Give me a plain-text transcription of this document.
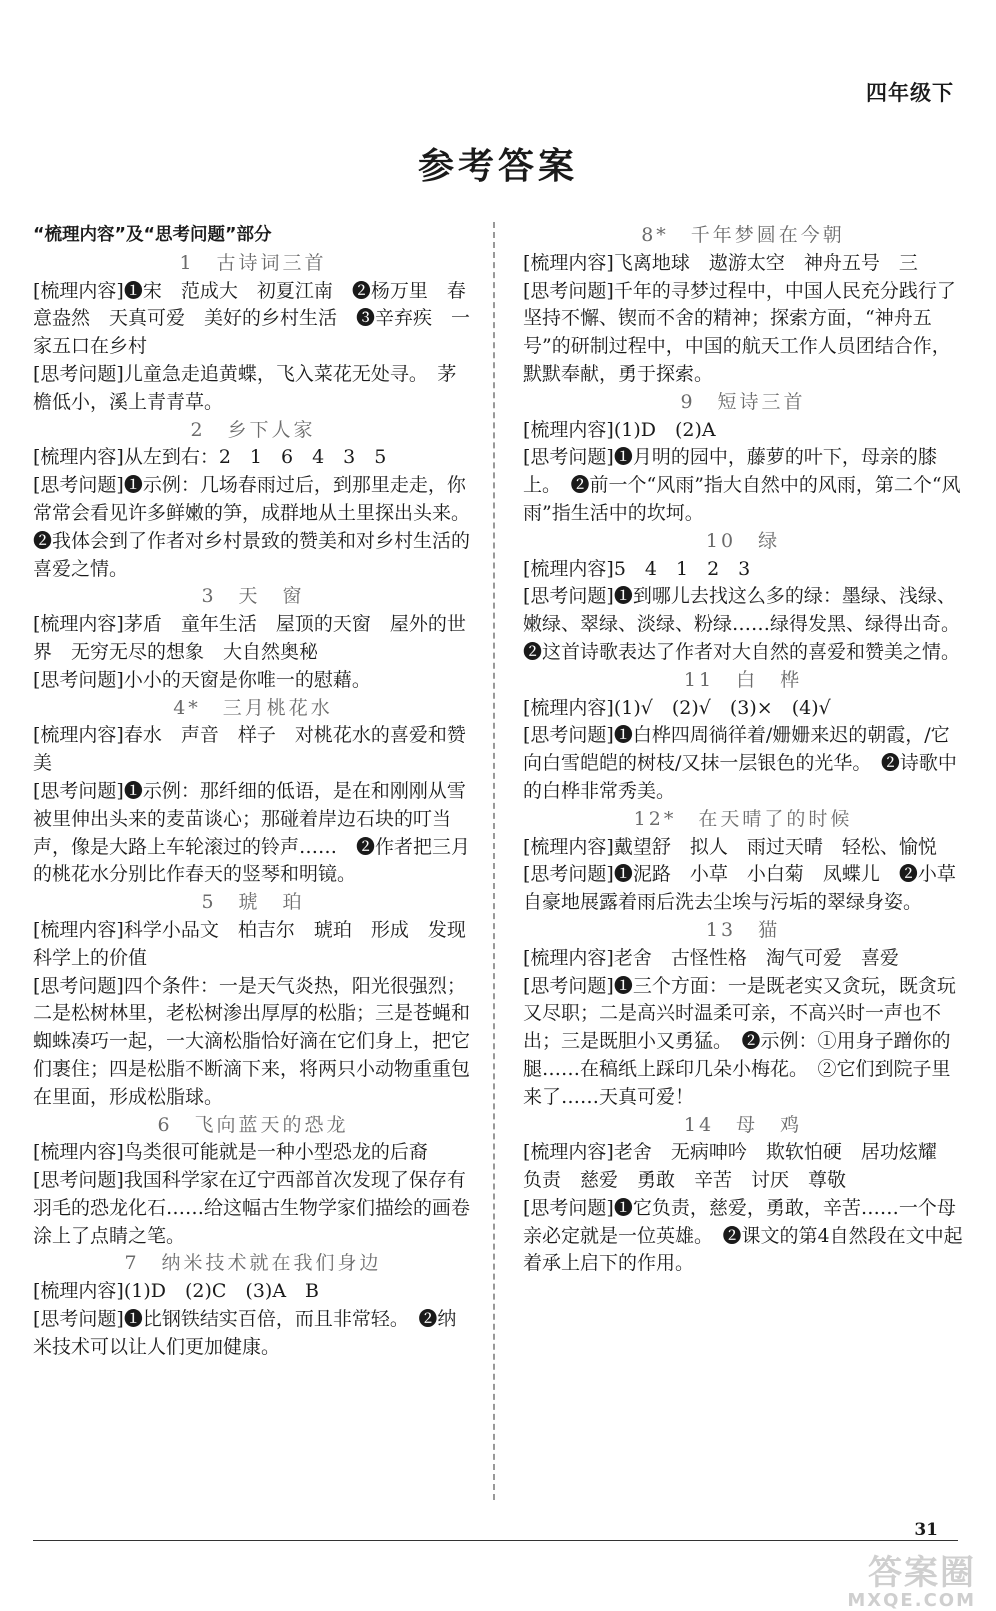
四年级下
参考答案
“梳理内容”及“思考问题”部分
1　古诗词三首

[梳理内容]❶宋　范成大　初夏江南　❷杨万里　春意盎然　天真可爱　美好的乡村生活　❸辛弃疾　一家五口在乡村

[思考问题]儿童急走追黄蝶，飞入菜花无处寻。　茅檐低小，溪上青青草。

2　乡下人家

[梳理内容]从左到右：2　1　6　4　3　5

[思考问题]❶示例：几场春雨过后，到那里走走，你常常会看见许多鲜嫩的笋，成群地从土里探出头来。　❷我体会到了作者对乡村景致的赞美和对乡村生活的喜爱之情。

3　天　窗

[梳理内容]茅盾　童年生活　屋顶的天窗　屋外的世界　无穷无尽的想象　大自然奥秘

[思考问题]小小的天窗是你唯一的慰藉。

4*　三月桃花水

[梳理内容]春水　声音　样子　对桃花水的喜爱和赞美

[思考问题]❶示例：那纤细的低语，是在和刚刚从雪被里伸出头来的麦苗谈心；那碰着岸边石块的叮当声，像是大路上车轮滚过的铃声……　❷作者把三月的桃花水分别比作春天的竖琴和明镜。

5　琥　珀

[梳理内容]科学小品文　柏吉尔　琥珀　形成　发现　科学上的价值

[思考问题]四个条件：一是天气炎热，阳光很强烈；二是松树林里，老松树渗出厚厚的松脂；三是苍蝇和蜘蛛凑巧一起，一大滴松脂恰好滴在它们身上，把它们裹住；四是松脂不断滴下来，将两只小动物重重包在里面，形成松脂球。

6　飞向蓝天的恐龙

[梳理内容]鸟类很可能就是一种小型恐龙的后裔

[思考问题]我国科学家在辽宁西部首次发现了保存有羽毛的恐龙化石……给这幅古生物学家们描绘的画卷涂上了点睛之笔。

7　纳米技术就在我们身边

[梳理内容](1)D　(2)C　(3)A　B

[思考问题]❶比钢铁结实百倍，而且非常轻。　❷纳米技术可以让人们更加健康。

8*　千年梦圆在今朝

[梳理内容]飞离地球　遨游太空　神舟五号　三

[思考问题]千年的寻梦过程中，中国人民充分践行了坚持不懈、锲而不舍的精神；探索方面，“神舟五号”的研制过程中，中国的航天工作人员团结合作，默默奉献，勇于探索。

9　短诗三首

[梳理内容](1)D　(2)A

[思考问题]❶月明的园中，藤萝的叶下，母亲的膝上。　❷前一个“风雨”指大自然中的风雨，第二个“风雨”指生活中的坎坷。

10　绿

[梳理内容]5　4　1　2　3

[思考问题]❶到哪儿去找这么多的绿：墨绿、浅绿、嫩绿、翠绿、淡绿、粉绿……绿得发黑、绿得出奇。　❷这首诗歌表达了作者对大自然的喜爱和赞美之情。

11　白　桦

[梳理内容](1)√　(2)√　(3)×　(4)√

[思考问题]❶白桦四周徜徉着/姗姗来迟的朝霞，/它向白雪皑皑的树枝/又抹一层银色的光华。　❷诗歌中的白桦非常秀美。

12*　在天晴了的时候

[梳理内容]戴望舒　拟人　雨过天晴　轻松、愉悦

[思考问题]❶泥路　小草　小白菊　凤蝶儿　❷小草自豪地展露着雨后洗去尘埃与污垢的翠绿身姿。

13　猫

[梳理内容]老舍　古怪性格　淘气可爱　喜爱

[思考问题]❶三个方面：一是既老实又贪玩，既贪玩又尽职；二是高兴时温柔可亲，不高兴时一声也不出；三是既胆小又勇猛。　❷示例：①用身子蹭你的腿……在稿纸上踩印几朵小梅花。　②它们到院子里来了……天真可爱！

14　母　鸡

[梳理内容]老舍　无病呻吟　欺软怕硬　居功炫耀　负责　慈爱　勇敢　辛苦　讨厌　尊敬

[思考问题]❶它负责，慈爱，勇敢，辛苦……一个母亲必定就是一位英雄。　❷课文的第4自然段在文中起着承上启下的作用。

31
答案圈
MXQE.COM
